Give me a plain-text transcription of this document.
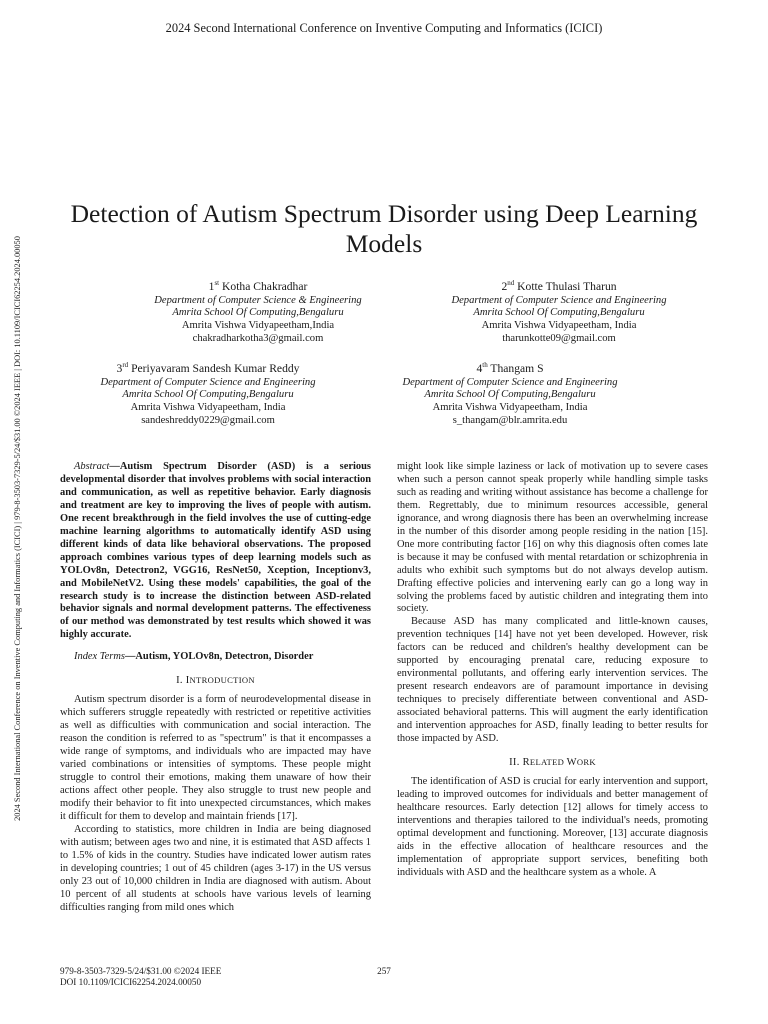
2024 Second International Conference on Inventive Computing and Informatics (ICICI)
2024 Second International Conference on Inventive Computing and Informatics (ICICI) | 979-8-3503-7329-5/24/$31.00 ©2024 IEEE | DOI: 10.1109/ICICI62254.2024.00050
Detection of Autism Spectrum Disorder using Deep Learning Models
1st Kotha Chakradhar
Department of Computer Science & Engineering
Amrita School Of Computing,Bengaluru
Amrita Vishwa Vidyapeetham,India
chakradharkotha3@gmail.com
2nd Kotte Thulasi Tharun
Department of Computer Science and Engineering
Amrita School Of Computing,Bengaluru
Amrita Vishwa Vidyapeetham, India
tharunkotte09@gmail.com
3rd Periyavaram Sandesh Kumar Reddy
Department of Computer Science and Engineering
Amrita School Of Computing,Bengaluru
Amrita Vishwa Vidyapeetham, India
sandeshreddy0229@gmail.com
4th Thangam S
Department of Computer Science and Engineering
Amrita School Of Computing,Bengaluru
Amrita Vishwa Vidyapeetham, India
s_thangam@blr.amrita.edu

Abstract—Autism Spectrum Disorder (ASD) is a serious developmental disorder that involves problems with social interaction and communication, as well as repetitive behavior. Early diagnosis and treatment are key to improving the lives of people with autism. One recent breakthrough in the field involves the use of cutting-edge machine learning algorithms to automatically identify ASD using different kinds of data like behavioral observations. The proposed approach combines various types of deep learning models such as YOLOv8n, Detectron2, VGG16, ResNet50, Xception, Inceptionv3, and MobileNetV2. Using these models' capabilities, the goal of the research study is to increase the distinction between ASD-related behavior signals and normal development patterns. The effectiveness of our method was demonstrated by test results which showed it was highly accurate.

Index Terms—Autism, YOLOv8n, Detectron, Disorder

I. INTRODUCTION

Autism spectrum disorder is a form of neurodevelopmental disease in which sufferers struggle repeatedly with restricted or repetitive activities as well as difficulties with communication and social interaction. The reason the condition is referred to as "spectrum" is that it encompasses a wide range of symptoms, and individuals who are impacted may have varied combinations or intensities of symptoms. These people might struggle to control their emotions, making them unaware of how their actions affect other people. They also struggle to trust new people and modify their behavior to fit into unexpected circumstances, which makes it difficult for them to develop and maintain friends [17].

According to statistics, more children in India are being diagnosed with autism; between ages two and nine, it is estimated that ASD affects 1 to 1.5% of kids in the country. Studies have indicated lower autism rates in developing countries; 1 out of 45 children (ages 3-17) in the US versus only 23 out of 10,000 children in India are diagnosed with autism. About 10 percent of all students at schools have various levels of learning difficulties ranging from mild ones which

might look like simple laziness or lack of motivation up to severe cases when such a person cannot speak properly while handling simple tasks such as reading and writing without assistance has become a challenge for them. Regrettably, due to minimum resources accessible, general ignorance, and wrong diagnosis there has been an overwhelming increase in the number of this disorder among people residing in the nation [15]. One more contributing factor [16] on why this diagnosis often comes late is because it may be confused with mental retardation or schizophrenia in adults who exhibit such symptoms but do not always develop autism. Drafting effective policies and intervening early can go a long way in solving the problems faced by autistic children and integrating them into society.

Because ASD has many complicated and little-known causes, prevention techniques [14] have not yet been developed. However, risk factors can be reduced and children's healthy development can be supported by encouraging prenatal care, reducing exposure to environmental pollutants, and offering early intervention services. The present research endeavors are of paramount importance in devising techniques to precisely differentiate between conventional and ASD-associated behavioral patterns. This will augment the early identification and intervention approaches for ASD, finally leading to better results for those impacted by ASD.

II. RELATED WORK

The identification of ASD is crucial for early intervention and support, leading to improved outcomes for individuals and better management of healthcare resources. Early detection [12] allows for timely access to interventions and therapies tailored to the individual's needs, promoting optimal development and functioning. Moreover, [13] accurate diagnosis aids in the effective allocation of healthcare resources and the implementation of appropriate support services, benefiting both individuals with ASD and the healthcare system as a whole. A

979-8-3503-7329-5/24/$31.00 ©2024 IEEE
DOI 10.1109/ICICI62254.2024.00050
257
